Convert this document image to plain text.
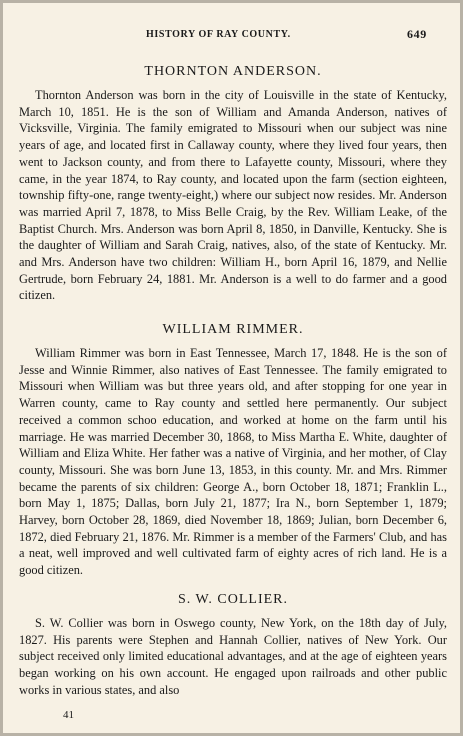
HISTORY OF RAY COUNTY.	649
THORNTON ANDERSON.

Thornton Anderson was born in the city of Louisville in the state of Kentucky, March 10, 1851. He is the son of William and Amanda Anderson, natives of Vicksville, Virginia. The family emigrated to Missouri when our subject was nine years of age, and located first in Callaway county, where they lived four years, then went to Jackson county, and from there to Lafayette county, Missouri, where they came, in the year 1874, to Ray county, and located upon the farm (section eighteen, township fifty-one, range twenty-eight,) where our subject now resides. Mr. Anderson was married April 7, 1878, to Miss Belle Craig, by the Rev. William Leake, of the Baptist Church. Mrs. Anderson was born April 8, 1850, in Danville, Kentucky. She is the daughter of William and Sarah Craig, natives, also, of the state of Kentucky. Mr. and Mrs. Anderson have two children: William H., born April 16, 1879, and Nellie Gertrude, born February 24, 1881. Mr. Anderson is a well to do farmer and a good citizen.

WILLIAM RIMMER.

William Rimmer was born in East Tennessee, March 17, 1848. He is the son of Jesse and Winnie Rimmer, also natives of East Tennessee. The family emigrated to Missouri when William was but three years old, and after stopping for one year in Warren county, came to Ray county and settled here permanently. Our subject received a common schoo education, and worked at home on the farm until his marriage. He was married December 30, 1868, to Miss Martha E. White, daughter of William and Eliza White. Her father was a native of Virginia, and her mother, of Clay county, Missouri. She was born June 13, 1853, in this county. Mr. and Mrs. Rimmer became the parents of six children: George A., born October 18, 1871; Franklin L., born May 1, 1875; Dallas, born July 21, 1877; Ira N., born September 1, 1879; Harvey, born October 28, 1869, died November 18, 1869; Julian, born December 6, 1872, died February 21, 1876. Mr. Rimmer is a member of the Farmers' Club, and has a neat, well improved and well cultivated farm of eighty acres of rich land. He is a good citizen.

S. W. COLLIER.

S. W. Collier was born in Oswego county, New York, on the 18th day of July, 1827. His parents were Stephen and Hannah Collier, natives of New York. Our subject received only limited educational advantages, and at the age of eighteen years began working on his own account. He engaged upon railroads and other public works in various states, and also

41
